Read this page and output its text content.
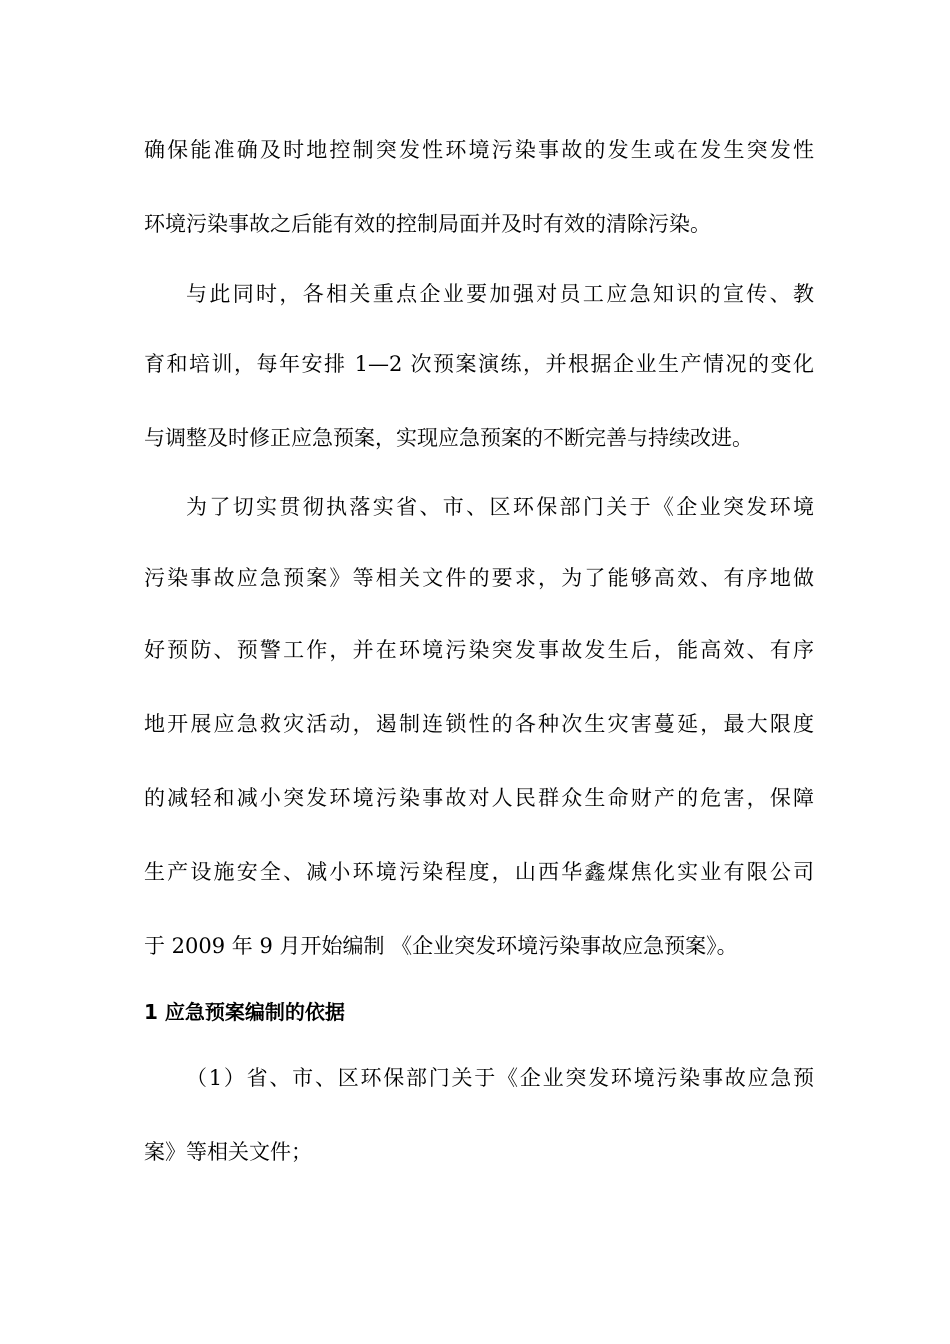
确保能准确及时地控制突发性环境污染事故的发生或在发生突发性
环境污染事故之后能有效的控制局面并及时有效的清除污染。
与此同时，各相关重点企业要加强对员工应急知识的宣传、教
育和培训，每年安排 1—2 次预案演练，并根据企业生产情况的变化
与调整及时修正应急预案，实现应急预案的不断完善与持续改进。
为了切实贯彻执落实省、市、区环保部门关于《企业突发环境
污染事故应急预案》等相关文件的要求，为了能够高效、有序地做
好预防、预警工作，并在环境污染突发事故发生后，能高效、有序
地开展应急救灾活动，遏制连锁性的各种次生灾害蔓延，最大限度
的减轻和减小突发环境污染事故对人民群众生命财产的危害，保障
生产设施安全、减小环境污染程度，山西华鑫煤焦化实业有限公司
于 2009 年 9 月开始编制 《企业突发环境污染事故应急预案》。
1 应急预案编制的依据
（1）省、市、区环保部门关于《企业突发环境污染事故应急预
案》等相关文件；
